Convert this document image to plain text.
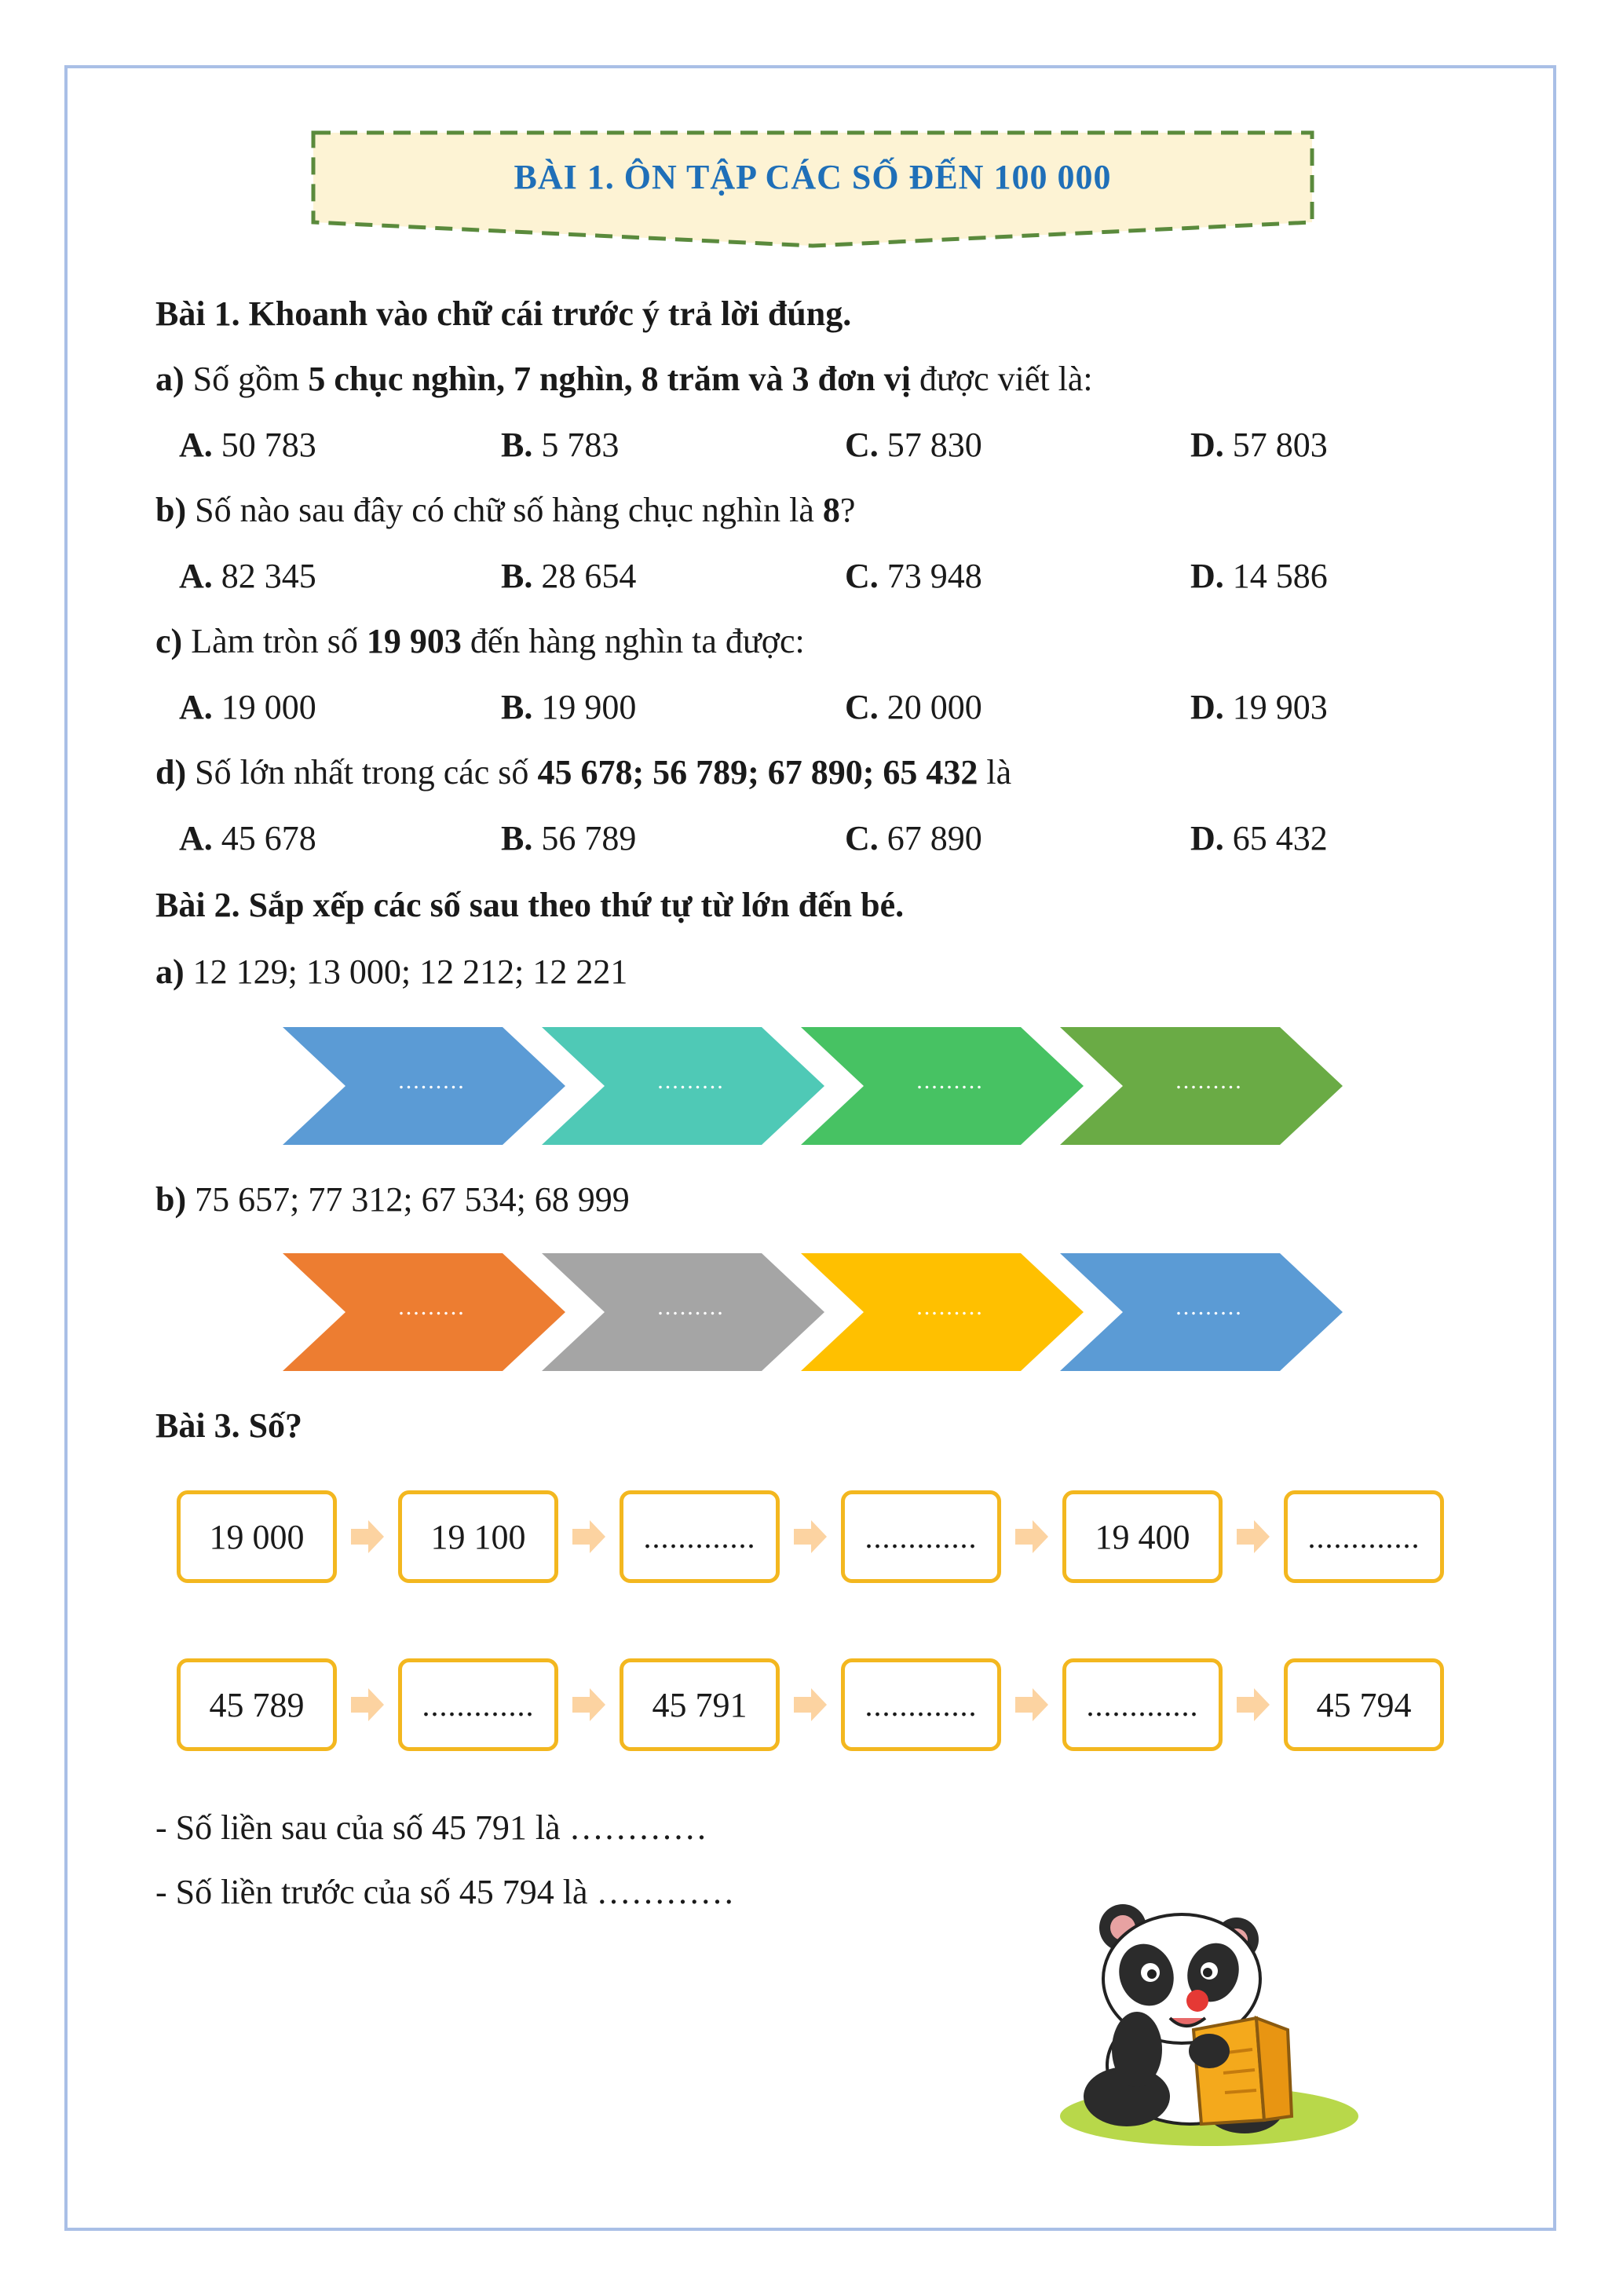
BÀI 1. ÔN TẬP CÁC SỐ ĐẾN 100 000
Bài 1. Khoanh vào chữ cái trước ý trả lời đúng.
a) Số gồm 5 chục nghìn, 7 nghìn, 8 trăm và 3 đơn vị được viết là:
A. 50 783	B. 5 783	C. 57 830	D. 57 803
b) Số nào sau đây có chữ số hàng chục nghìn là 8?
A. 82 345	B. 28 654	C. 73 948	D. 14 586
c) Làm tròn số 19 903 đến hàng nghìn ta được:
A. 19 000	B. 19 900	C. 20 000	D. 19 903
d) Số lớn nhất trong các số 45 678; 56 789; 67 890; 65 432 là
A. 45 678	B. 56 789	C. 67 890	D. 65 432
Bài 2. Sắp xếp các số sau theo thứ tự từ lớn đến bé.
a) 12 129; 13 000; 12 212; 12 221
.........	.........	.........	.........
b) 75 657; 77 312; 67 534; 68 999
.........	.........	.........	.........
Bài 3. Số?
19 000	19 100	.............	.............	19 400	.............
45 789	.............	45 791	.............	.............	45 794
- Số liền sau của số 45 791 là …………
- Số liền trước của số 45 794 là …………
